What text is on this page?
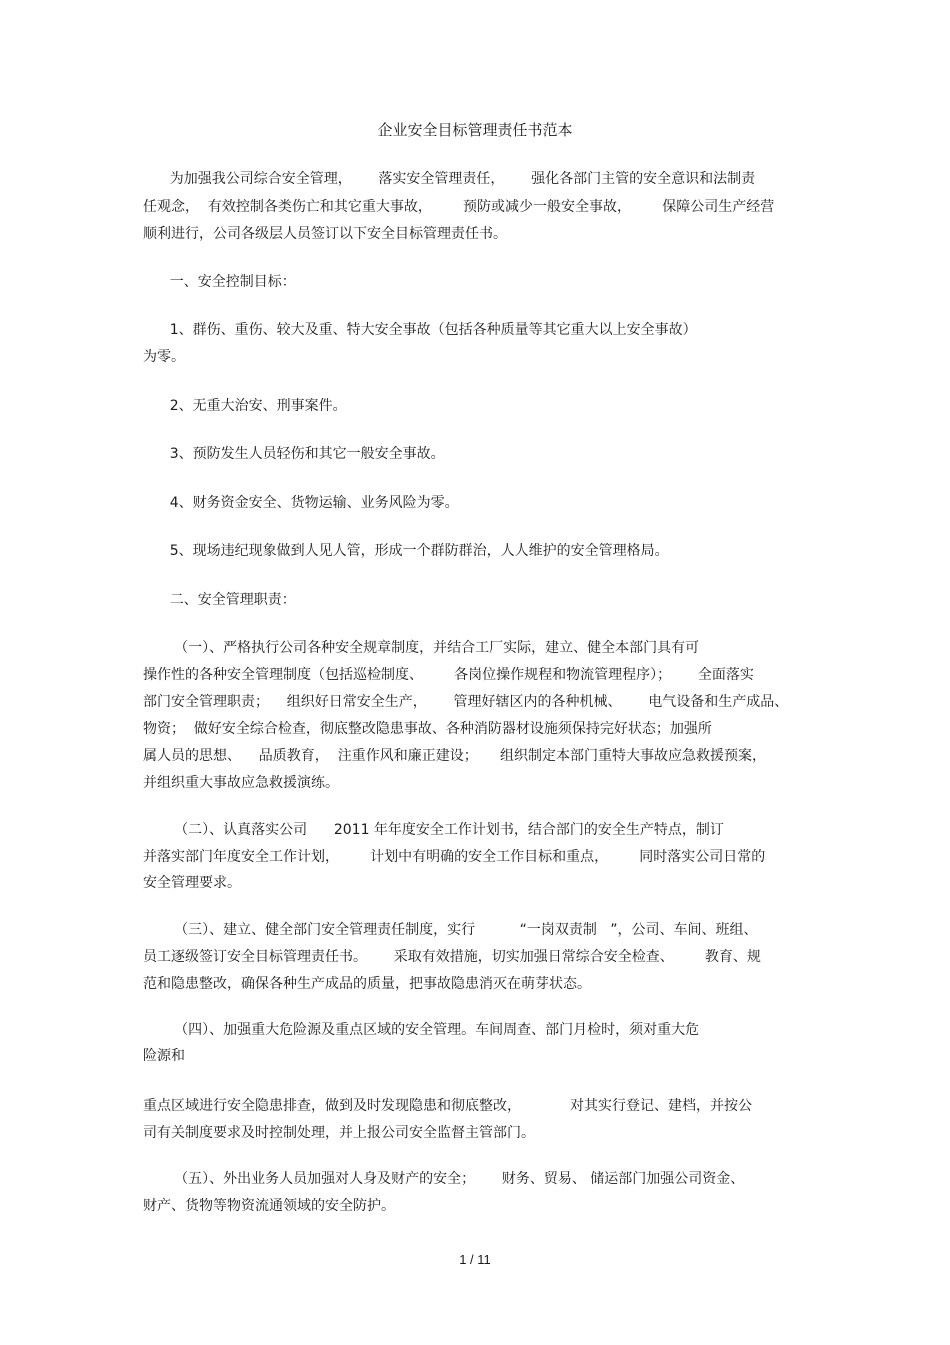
企业安全目标管理责任书范本
为加强我公司综合安全管理，      落实安全管理责任，      强化各部门主管的安全意识和法制责
任观念，  有效控制各类伤亡和其它重大事故，       预防或减少一般安全事故，       保障公司生产经营
顺利进行，公司各级层人员签订以下安全目标管理责任书。
一、安全控制目标：
1、群伤、重伤、较大及重、特大安全事故（包括各种质量等其它重大以上安全事故）
为零。
2、无重大治安、刑事案件。
3、预防发生人员轻伤和其它一般安全事故。
4、财务资金安全、货物运输、业务风险为零。
5、现场违纪现象做到人见人管，形成一个群防群治，人人维护的安全管理格局。
二、安全管理职责：
（一）、严格执行公司各种安全规章制度，并结合工厂实际，建立、健全本部门具有可
操作性的各种安全管理制度（包括巡检制度、       各岗位操作规程和物流管理程序）；      全面落实
部门安全管理职责；    组织好日常安全生产，      管理好辖区内的各种机械、      电气设备和生产成品、
物资；  做好安全综合检查，彻底整改隐患事故、各种消防器材设施须保持完好状态；加强所
属人员的思想、    品质教育，  注重作风和廉正建设；     组织制定本部门重特大事故应急救援预案，
并组织重大事故应急救援演练。
（二）、认真落实公司      2011 年年度安全工作计划书，结合部门的安全生产特点，制订
并落实部门年度安全工作计划，       计划中有明确的安全工作目标和重点，       同时落实公司日常的
安全管理要求。
（三）、建立、健全部门安全管理责任制度，实行          “一岗双责制   ”，公司、车间、班组、
员工逐级签订安全目标管理责任书。      采取有效措施，切实加强日常综合安全检查、       教育、规
范和隐患整改，确保各种生产成品的质量，把事故隐患消灭在萌芽状态。
（四）、加强重大危险源及重点区域的安全管理。车间周查、部门月检时，须对重大危
险源和
重点区域进行安全隐患排查，做到及时发现隐患和彻底整改，           对其实行登记、建档，并按公
司有关制度要求及时控制处理，并上报公司安全监督主管部门。
（五）、外出业务人员加强对人身及财产的安全；      财务、贸易、 储运部门加强公司资金、
财产、货物等物资流通领域的安全防护。
1 / 11
